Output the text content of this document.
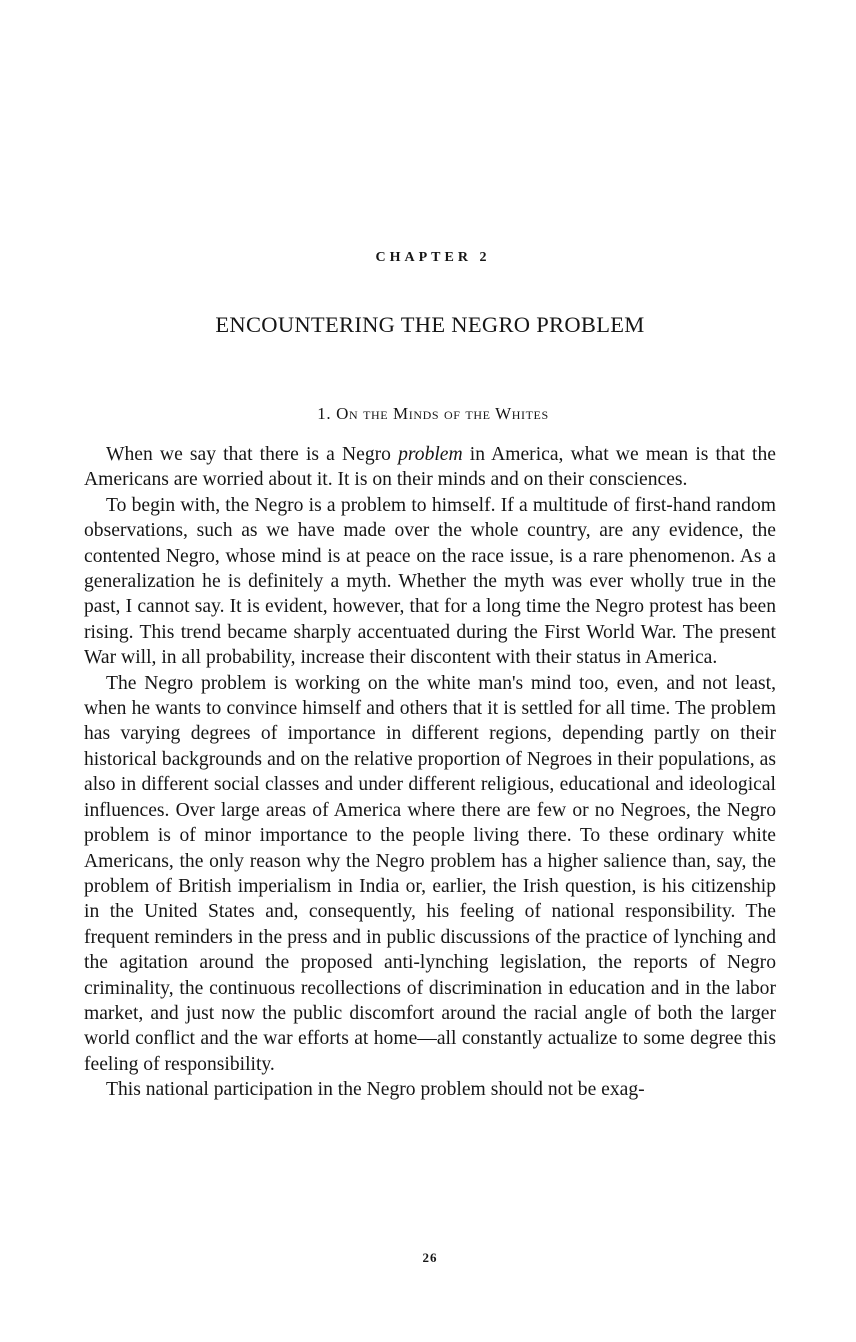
CHAPTER 2
ENCOUNTERING THE NEGRO PROBLEM
1. On the Minds of the Whites

When we say that there is a Negro problem in America, what we mean is that the Americans are worried about it. It is on their minds and on their consciences.

To begin with, the Negro is a problem to himself. If a multitude of first-hand random observations, such as we have made over the whole country, are any evidence, the contented Negro, whose mind is at peace on the race issue, is a rare phenomenon. As a generalization he is definitely a myth. Whether the myth was ever wholly true in the past, I cannot say. It is evident, however, that for a long time the Negro protest has been rising. This trend became sharply accentuated during the First World War. The present War will, in all probability, increase their discontent with their status in America.

The Negro problem is working on the white man's mind too, even, and not least, when he wants to convince himself and others that it is settled for all time. The problem has varying degrees of importance in different regions, depending partly on their historical backgrounds and on the relative proportion of Negroes in their populations, as also in different social classes and under different religious, educational and ideological influences. Over large areas of America where there are few or no Negroes, the Negro problem is of minor importance to the people living there. To these ordinary white Americans, the only reason why the Negro problem has a higher salience than, say, the problem of British imperialism in India or, earlier, the Irish question, is his citizenship in the United States and, consequently, his feeling of national responsibility. The frequent reminders in the press and in public discussions of the practice of lynching and the agitation around the proposed anti-lynching legislation, the reports of Negro criminality, the continuous recollections of discrimination in education and in the labor market, and just now the public discomfort around the racial angle of both the larger world conflict and the war efforts at home—all constantly actualize to some degree this feeling of responsibility.

This national participation in the Negro problem should not be exag-

26
